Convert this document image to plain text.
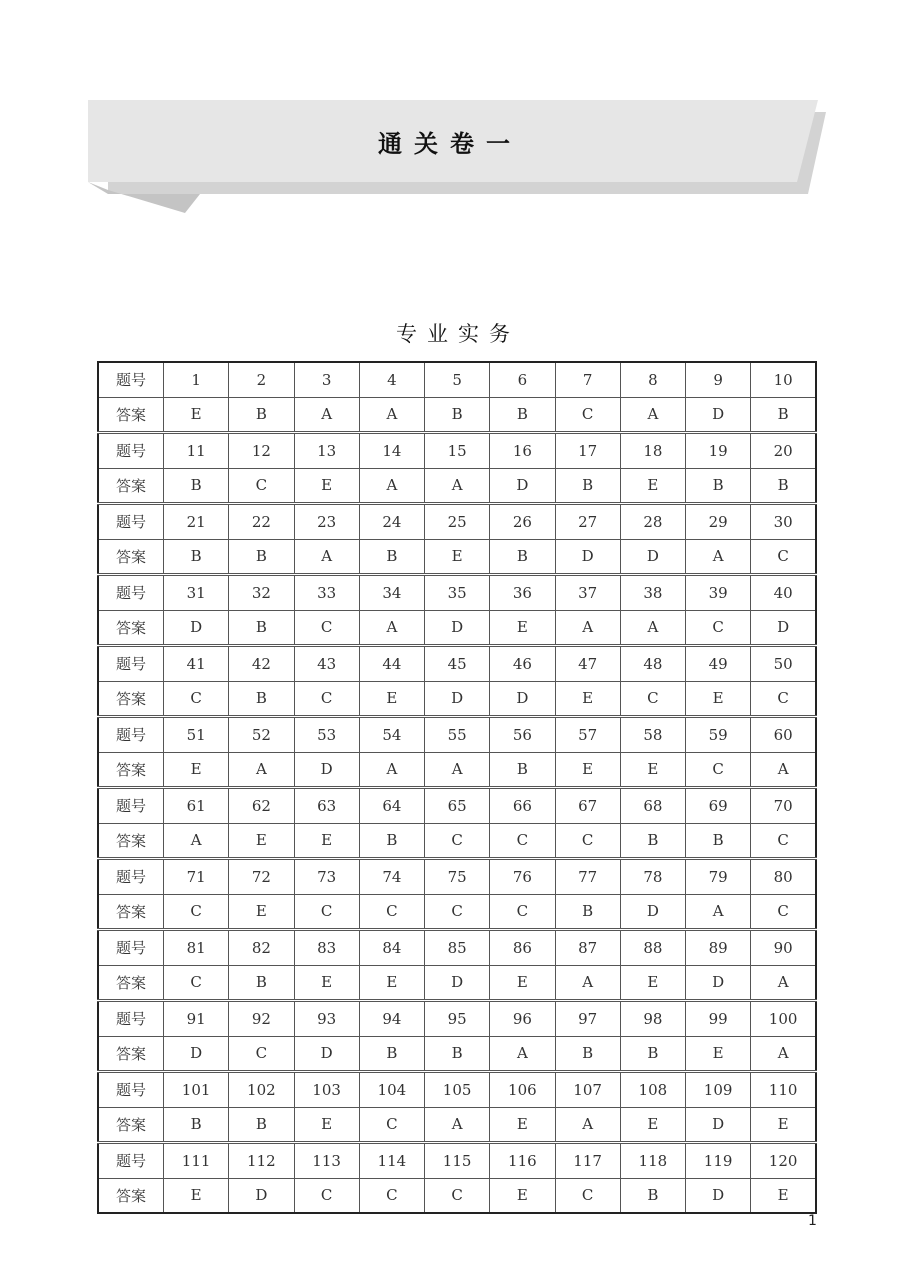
通关卷一
专业实务
题号	1	2	3	4	5	6	7	8	9	10
答案	E	B	A	A	B	B	C	A	D	B
题号	11	12	13	14	15	16	17	18	19	20
答案	B	C	E	A	A	D	B	E	B	B
题号	21	22	23	24	25	26	27	28	29	30
答案	B	B	A	B	E	B	D	D	A	C
题号	31	32	33	34	35	36	37	38	39	40
答案	D	B	C	A	D	E	A	A	C	D
题号	41	42	43	44	45	46	47	48	49	50
答案	C	B	C	E	D	D	E	C	E	C
题号	51	52	53	54	55	56	57	58	59	60
答案	E	A	D	A	A	B	E	E	C	A
题号	61	62	63	64	65	66	67	68	69	70
答案	A	E	E	B	C	C	C	B	B	C
题号	71	72	73	74	75	76	77	78	79	80
答案	C	E	C	C	C	C	B	D	A	C
题号	81	82	83	84	85	86	87	88	89	90
答案	C	B	E	E	D	E	A	E	D	A
题号	91	92	93	94	95	96	97	98	99	100
答案	D	C	D	B	B	A	B	B	E	A
题号	101	102	103	104	105	106	107	108	109	110
答案	B	B	E	C	A	E	A	E	D	E
题号	111	112	113	114	115	116	117	118	119	120
答案	E	D	C	C	C	E	C	B	D	E
1
